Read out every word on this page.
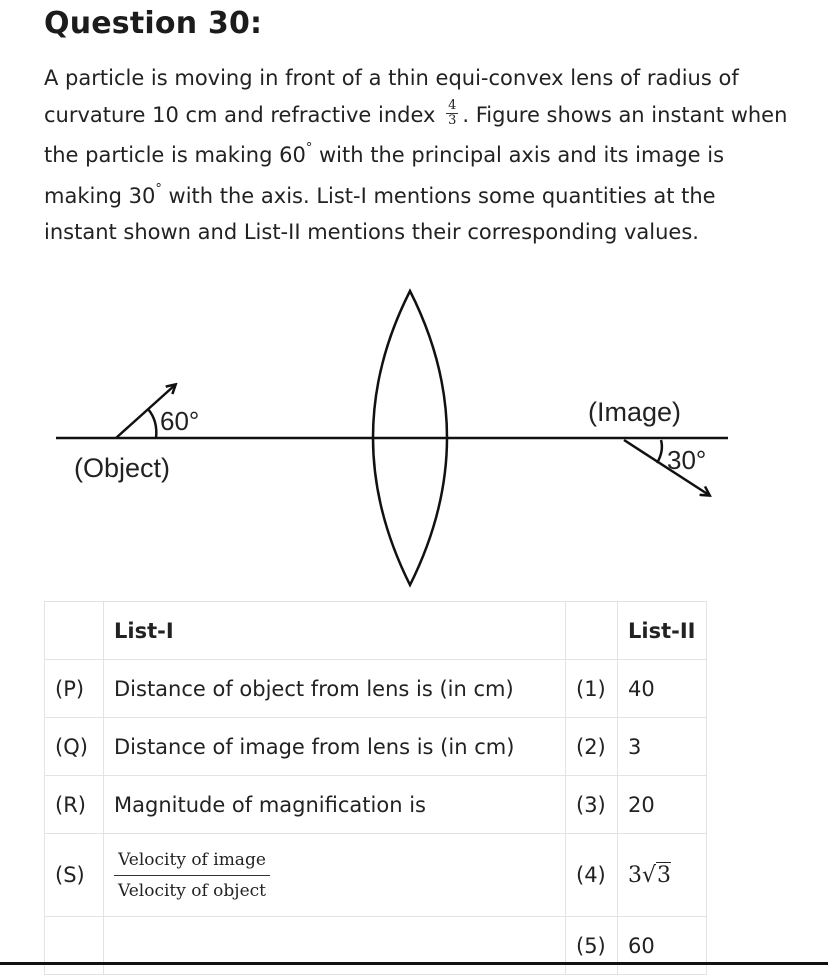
Question 30:
A particle is moving in front of a thin equi-convex lens of radius of curvature 10 cm and refractive index $\frac{4}{3}$ . Figure shows an instant when the particle is making 60° with the principal axis and its image is making 30° with the axis. List-I mentions some quantities at the instant shown and List-II mentions their corresponding values.
60°
(Object)
(Image)
30°
	List-I		List-II
(P)	Distance of object from lens is (in cm)	(1)	40
(Q)	Distance of image from lens is (in cm)	(2)	3
(R)	Magnitude of magnification is	(3)	20
(S)	Velocity of image
Velocity of object	(4)	3√3
		(5)	60
